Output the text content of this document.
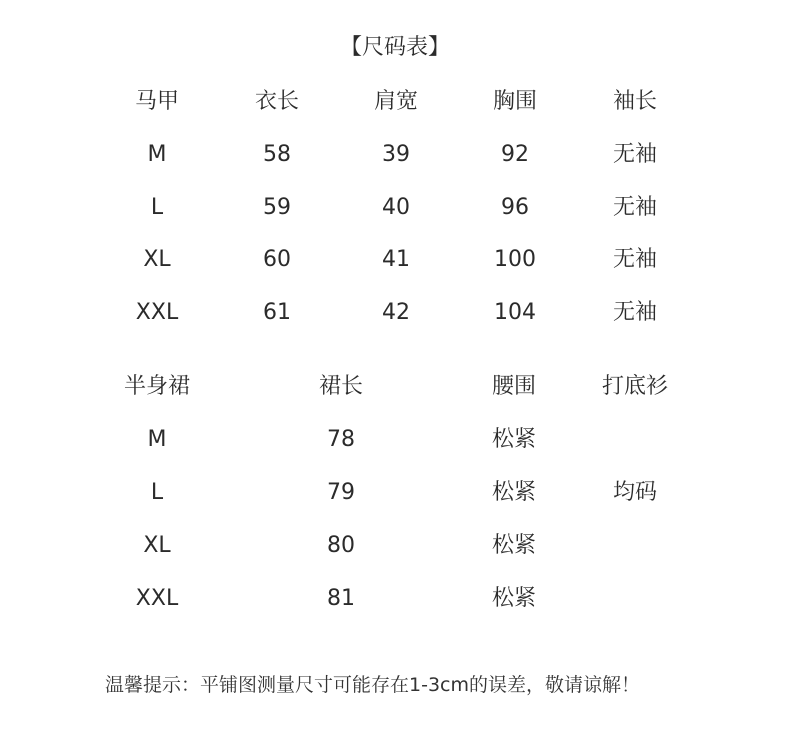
【尺码表】
马甲	衣长	肩宽	胸围	袖长
M	58	39	92	无袖
L	59	40	96	无袖
XL	60	41	100	无袖
XXL	61	42	104	无袖
半身裙	裙长	腰围	打底衫
M	78	松紧
L	79	松紧	均码
XL	80	松紧
XXL	81	松紧
温馨提示：平铺图测量尺寸可能存在1-3cm的误差，敬请谅解！
